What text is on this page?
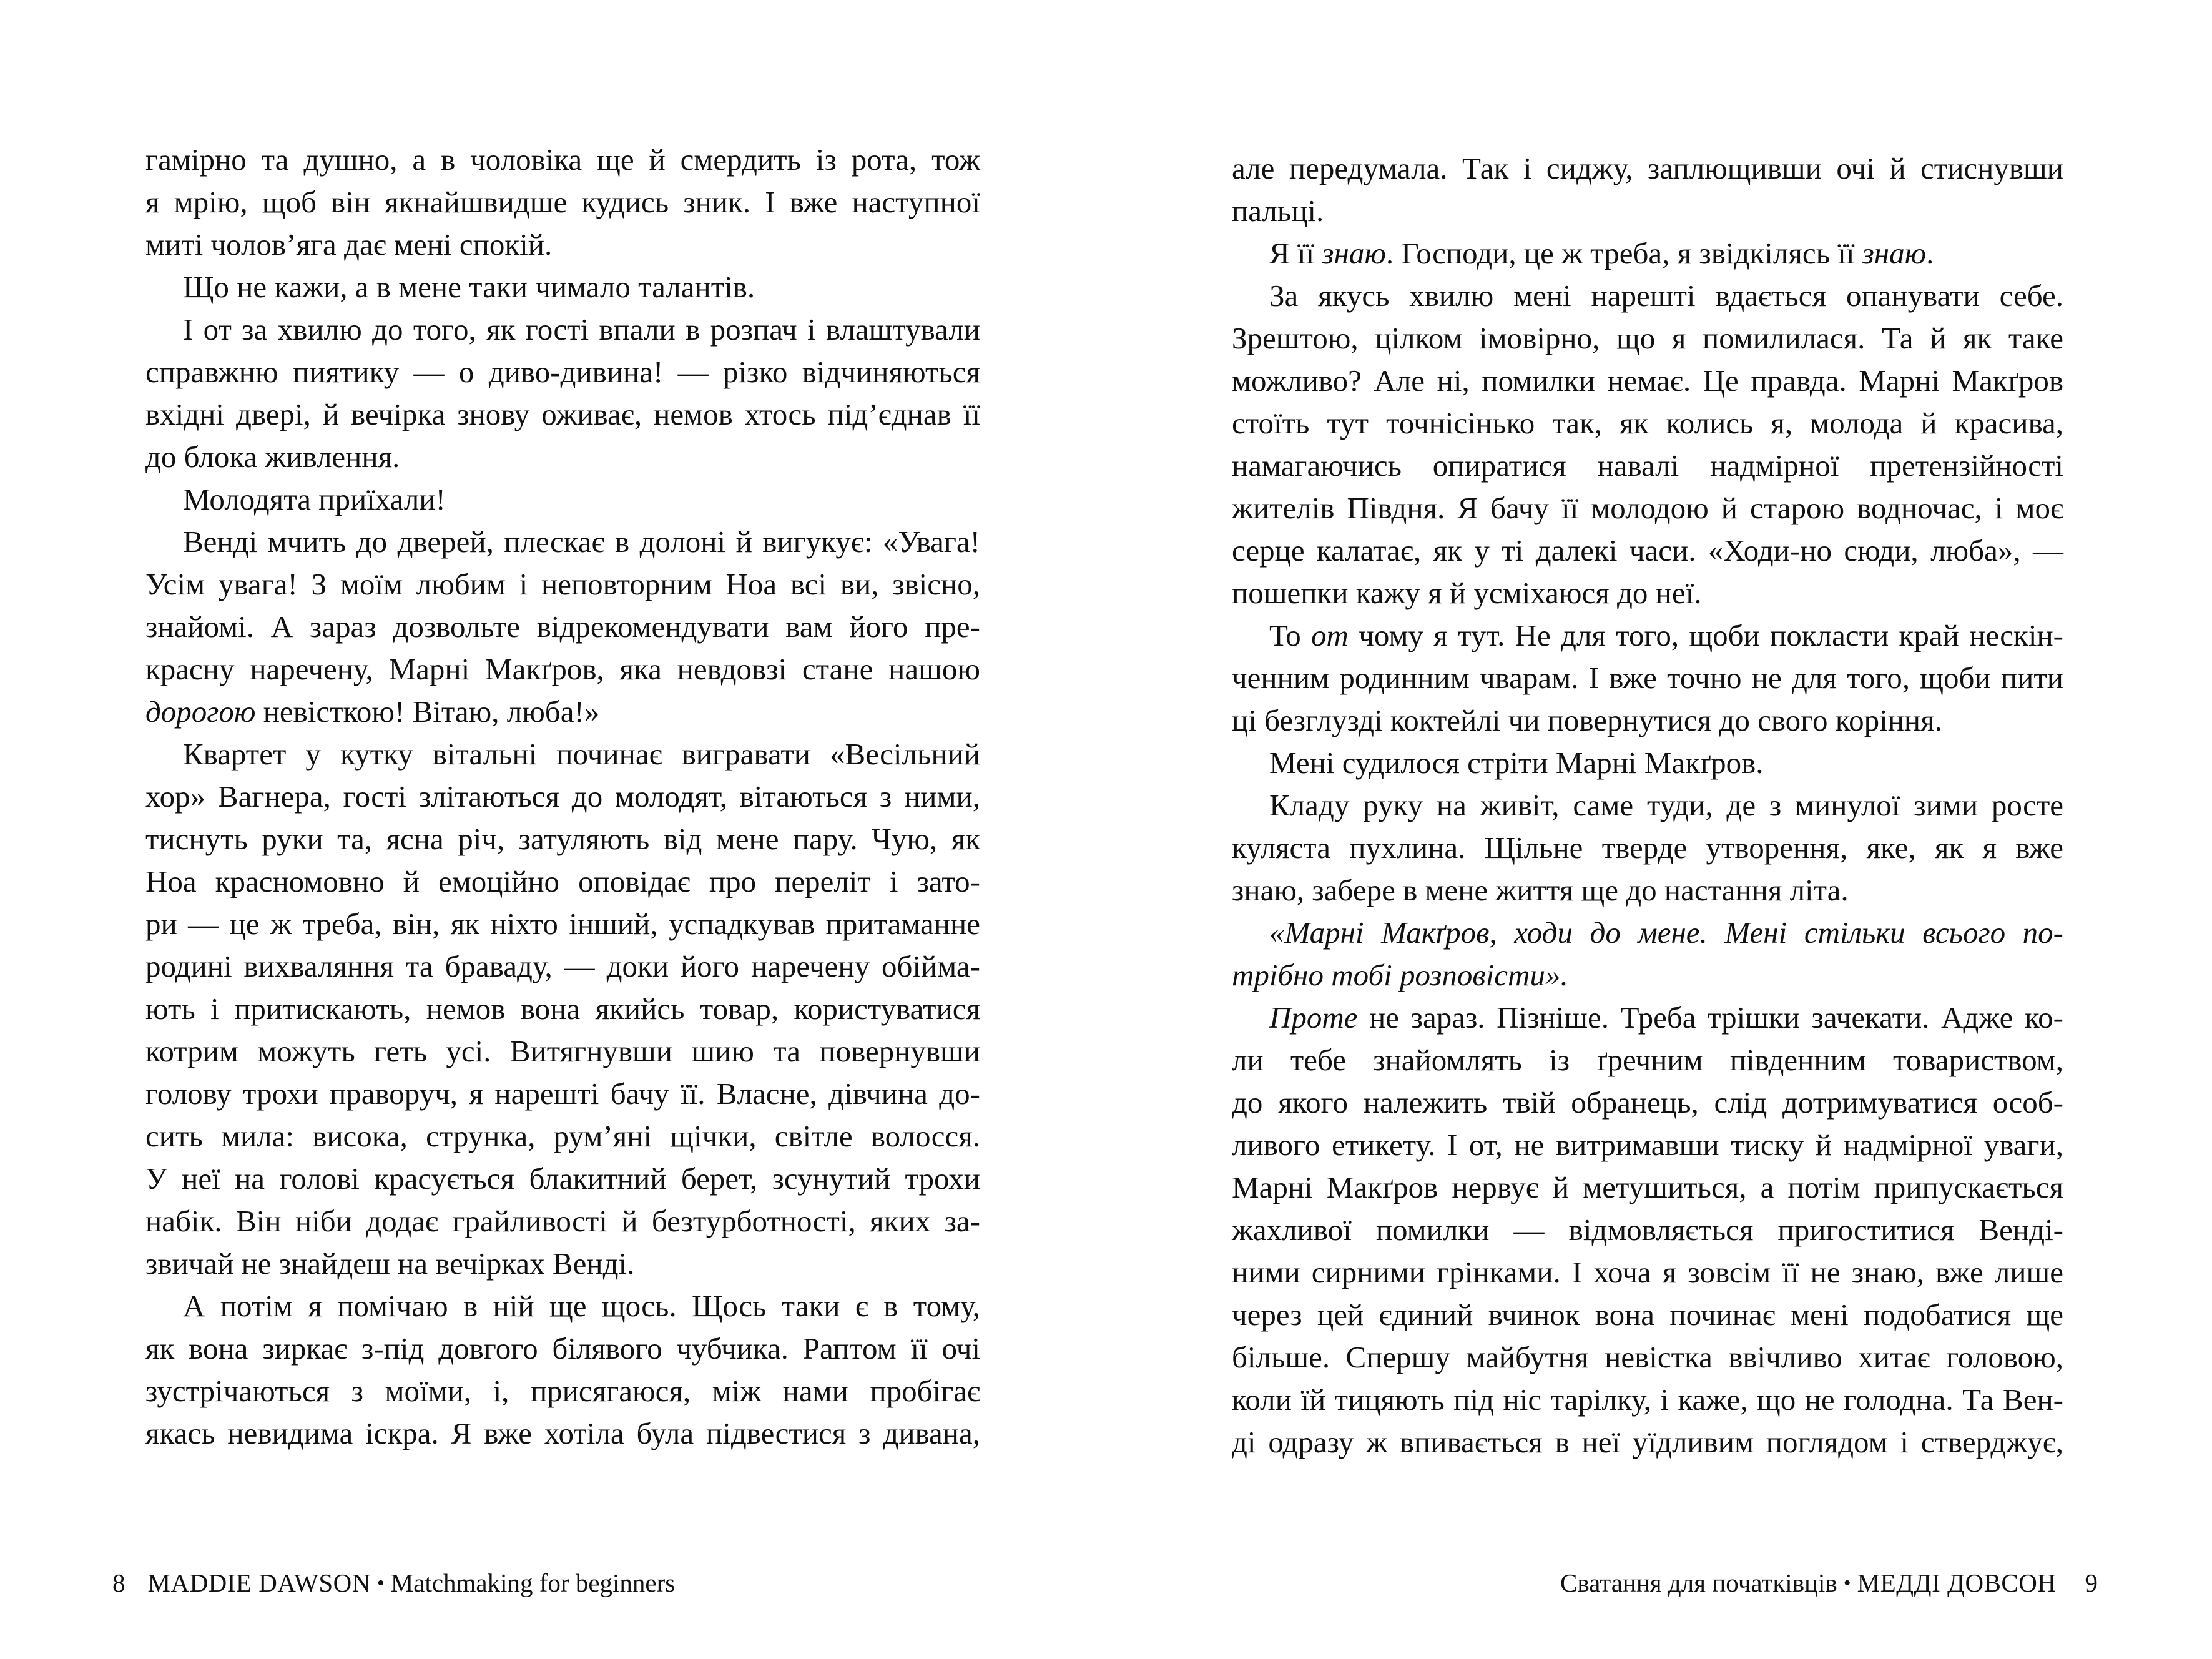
гамірно та душно, а в чоловіка ще й смердить із рота, тож
я мрію, щоб він якнайшвидше кудись зник. І вже наступної
миті чолов’яга дає мені спокій.
Що не кажи, а в мене таки чимало талантів.
І от за хвилю до того, як гості впали в розпач і влаштували
справжню пиятику — о диво-дивина! — різко відчиняються
вхідні двері, й вечірка знову оживає, немов хтось під’єднав її
до блока живлення.
Молодята приїхали!
Венді мчить до дверей, плескає в долоні й вигукує: «Увага!
Усім увага! З моїм любим і неповторним Ноа всі ви, звісно,
знайомі. А зараз дозвольте відрекомендувати вам його пре-
красну наречену, Марні Макґров, яка невдовзі стане нашою
дорогою невісткою! Вітаю, люба!»
Квартет у кутку вітальні починає вигравати «Весільний
хор» Вагнера, гості злітаються до молодят, вітаються з ними,
тиснуть руки та, ясна річ, затуляють від мене пару. Чую, як
Ноа красномовно й емоційно оповідає про переліт і зато-
ри — це ж треба, він, як ніхто інший, успадкував притаманне
родині вихваляння та браваду, — доки його наречену обійма-
ють і притискають, немов вона якийсь товар, користуватися
котрим можуть геть усі. Витягнувши шию та повернувши
голову трохи праворуч, я нарешті бачу її. Власне, дівчина до-
сить мила: висока, струнка, рум’яні щічки, світле волосся.
У неї на голові красується блакитний берет, зсунутий трохи
набік. Він ніби додає грайливості й безтурботності, яких за-
звичай не знайдеш на вечірках Венді.
А потім я помічаю в ній ще щось. Щось таки є в тому,
як вона зиркає з-під довгого білявого чубчика. Раптом її очі
зустрічаються з моїми, і, присягаюся, між нами пробігає
якась невидима іскра. Я вже хотіла була підвестися з дивана,
8 MADDIE DAWSON • Matchmaking for beginners
але передумала. Так і сиджу, заплющивши очі й стиснувши
пальці.
Я її знаю. Господи, це ж треба, я звідкілясь її знаю.
За якусь хвилю мені нарешті вдається опанувати себе.
Зрештою, цілком імовірно, що я помилилася. Та й як таке
можливо? Але ні, помилки немає. Це правда. Марні Макґров
стоїть тут точнісінько так, як колись я, молода й красива,
намагаючись опиратися навалі надмірної претензійності
жителів Півдня. Я бачу її молодою й старою водночас, і моє
серце калатає, як у ті далекі часи. «Ходи-но сюди, люба», —
пошепки кажу я й усміхаюся до неї.
То от чому я тут. Не для того, щоби покласти край нескін-
ченним родинним чварам. І вже точно не для того, щоби пити
ці безглузді коктейлі чи повернутися до свого коріння.
Мені судилося стріти Марні Макґров.
Кладу руку на живіт, саме туди, де з минулої зими росте
куляста пухлина. Щільне тверде утворення, яке, як я вже
знаю, забере в мене життя ще до настання літа.
«Марні Макґров, ходи до мене. Мені стільки всього по-
трібно тобі розповісти».
Проте не зараз. Пізніше. Треба трішки зачекати. Адже ко-
ли тебе знайомлять із ґречним південним товариством,
до якого належить твій обранець, слід дотримуватися особ-
ливого етикету. І от, не витримавши тиску й надмірної уваги,
Марні Макґров нервує й метушиться, а потім припускається
жахливої помилки — відмовляється пригоститися Венді-
ними сирними грінками. І хоча я зовсім її не знаю, вже лише
через цей єдиний вчинок вона починає мені подобатися ще
більше. Спершу майбутня невістка ввічливо хитає головою,
коли їй тицяють під ніс тарілку, і каже, що не голодна. Та Вен-
ді одразу ж впивається в неї уїдливим поглядом і стверджує,
Сватання для початківців • МЕДДІ ДОВСОН 9
